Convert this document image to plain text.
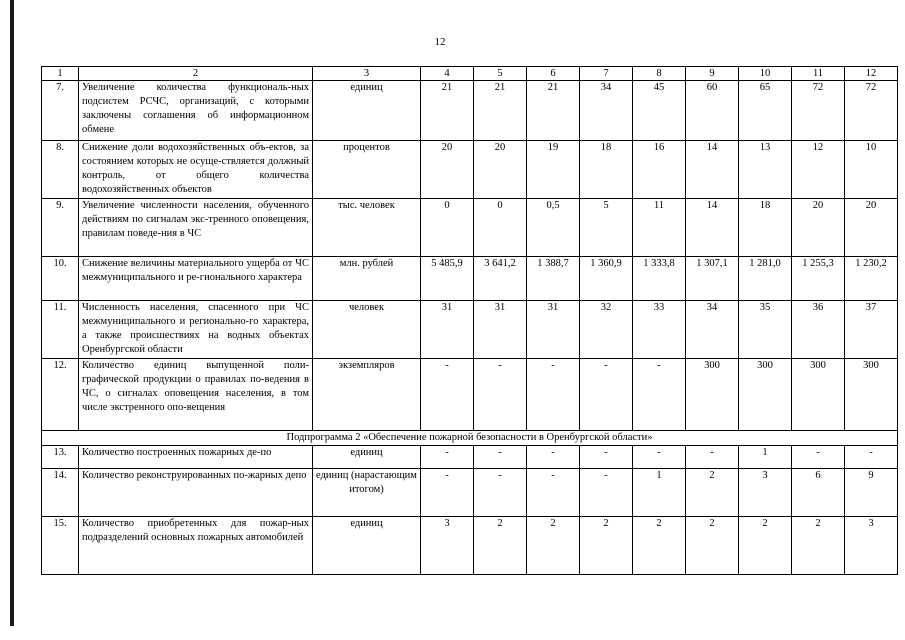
12
1	2	3	4	5	6	7	8	9	10	11	12
7.	Увеличение количества функциональ-ных подсистем РСЧС, организаций, с которыми заключены соглашения об информационном обмене	единиц	21	21	21	34	45	60	65	72	72
8.	Снижение доли водохозяйственных объ-ектов, за состоянием которых не осуще-ствляется должный контроль, от общего количества водохозяйственных объектов	процентов	20	20	19	18	16	14	13	12	10
9.	Увеличение численности населения, обученного действиям по сигналам экс-тренного оповещения, правилам поведе-ния в ЧС	тыс. человек	0	0	0,5	5	11	14	18	20	20
10.	Снижение величины материального ущерба от ЧС межмуниципального и ре-гионального характера	млн. рублей	5 485,9	3 641,2	1 388,7	1 360,9	1 333,8	1 307,1	1 281,0	1 255,3	1 230,2
11.	Численность населения, спасенного при ЧС межмуниципального и регионально-го характера, а также происшествиях на водных объектах Оренбургской области	человек	31	31	31	32	33	34	35	36	37
12.	Количество единиц выпущенной поли-графической продукции о правилах по-ведения в ЧС, о сигналах оповещения населения, в том числе экстренного опо-вещения	экземпляров	-	-	-	-	-	300	300	300	300
Подпрограмма 2 «Обеспечение пожарной безопасности в Оренбургской области»											
13.	Количество построенных пожарных де-по	единиц	-	-	-	-	-	-	1	-	-
14.	Количество реконструированных по-жарных депо	единиц (нарастающим итогом)	-	-	-	-	1	2	3	6	9
15.	Количество приобретенных для пожар-ных подразделений основных пожарных автомобилей	единиц	3	2	2	2	2	2	2	2	3
